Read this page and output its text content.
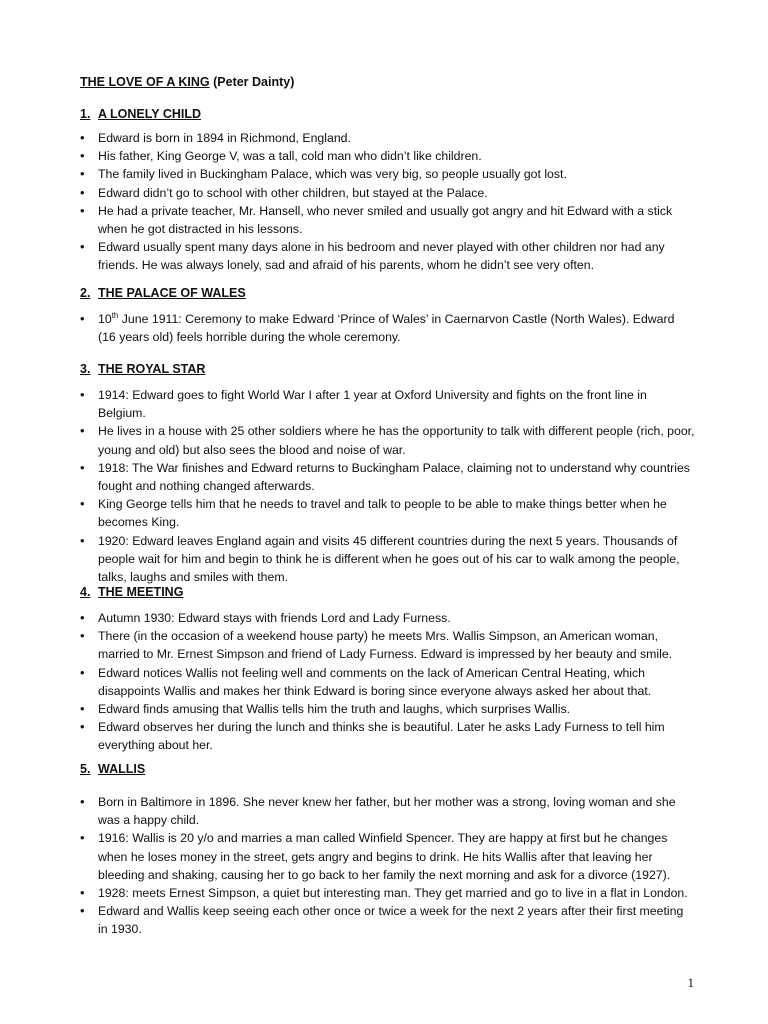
THE LOVE OF A KING (Peter Dainty)
1. A LONELY CHILD
• Edward is born in 1894 in Richmond, England.
• His father, King George V, was a tall, cold man who didn’t like children.
• The family lived in Buckingham Palace, which was very big, so people usually got lost.
• Edward didn’t go to school with other children, but stayed at the Palace.
• He had a private teacher, Mr. Hansell, who never smiled and usually got angry and hit Edward with a stick when he got distracted in his lessons.
• Edward usually spent many days alone in his bedroom and never played with other children nor had any friends. He was always lonely, sad and afraid of his parents, whom he didn’t see very often.
2. THE PALACE OF WALES
• 10th June 1911: Ceremony to make Edward ‘Prince of Wales’ in Caernarvon Castle (North Wales). Edward (16 years old) feels horrible during the whole ceremony.
3. THE ROYAL STAR
• 1914: Edward goes to fight World War I after 1 year at Oxford University and fights on the front line in Belgium.
• He lives in a house with 25 other soldiers where he has the opportunity to talk with different people (rich, poor, young and old) but also sees the blood and noise of war.
• 1918: The War finishes and Edward returns to Buckingham Palace, claiming not to understand why countries fought and nothing changed afterwards.
• King George tells him that he needs to travel and talk to people to be able to make things better when he becomes King.
• 1920: Edward leaves England again and visits 45 different countries during the next 5 years. Thousands of people wait for him and begin to think he is different when he goes out of his car to walk among the people, talks, laughs and smiles with them.
4. THE MEETING
• Autumn 1930: Edward stays with friends Lord and Lady Furness.
• There (in the occasion of a weekend house party) he meets Mrs. Wallis Simpson, an American woman, married to Mr. Ernest Simpson and friend of Lady Furness. Edward is impressed by her beauty and smile.
• Edward notices Wallis not feeling well and comments on the lack of American Central Heating, which disappoints Wallis and makes her think Edward is boring since everyone always asked her about that.
• Edward finds amusing that Wallis tells him the truth and laughs, which surprises Wallis.
• Edward observes her during the lunch and thinks she is beautiful. Later he asks Lady Furness to tell him everything about her.
5. WALLIS
• Born in Baltimore in 1896. She never knew her father, but her mother was a strong, loving woman and she was a happy child.
• 1916: Wallis is 20 y/o and marries a man called Winfield Spencer. They are happy at first but he changes when he loses money in the street, gets angry and begins to drink. He hits Wallis after that leaving her bleeding and shaking, causing her to go back to her family the next morning and ask for a divorce (1927).
• 1928: meets Ernest Simpson, a quiet but interesting man. They get married and go to live in a flat in London.
• Edward and Wallis keep seeing each other once or twice a week for the next 2 years after their first meeting in 1930.
1
